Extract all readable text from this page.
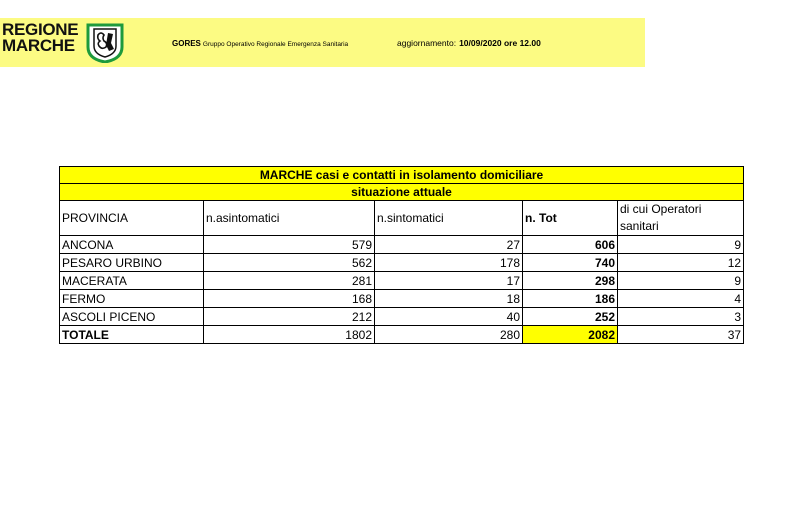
REGIONE
MARCHE	GORES Gruppo Operativo Regionale Emergenza Sanitaria	aggiornamento: 10/09/2020 ore 12.00
MARCHE casi e contatti in isolamento domiciliare				
situazione attuale				
PROVINCIA	n.asintomatici	n.sintomatici	n. Tot	di cui Operatori sanitari
ANCONA	579	27	606	9
PESARO URBINO	562	178	740	12
MACERATA	281	17	298	9
FERMO	168	18	186	4
ASCOLI PICENO	212	40	252	3
TOTALE	1802	280	2082	37
